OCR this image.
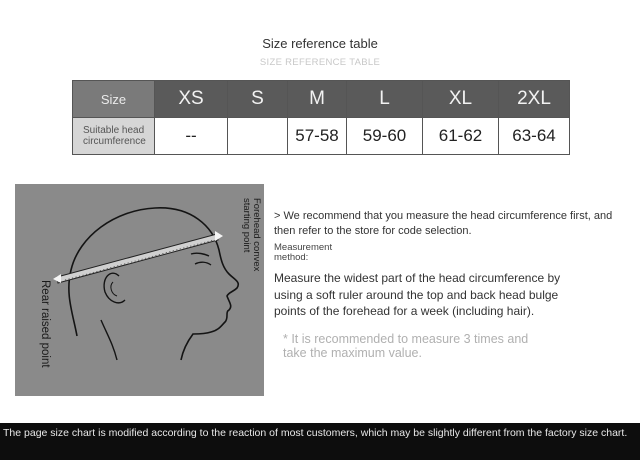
Size reference table
SIZE REFERENCE TABLE
Size	XS	S	M	L	XL	2XL
Suitable head circumference	--		57-58	59-60	61-62	63-64
Forehead convex starting point
Rear raised point
> We recommend that you measure the head circumference first, and then refer to the store for code selection.
Measurement method:
Measure the widest part of the head circumference by using a soft ruler around the top and back head bulge points of the forehead for a week (including hair).
* It is recommended to measure 3 times and take the maximum value.
The page size chart is modified according to the reaction of most customers, which may be slightly different from the factory size chart.
